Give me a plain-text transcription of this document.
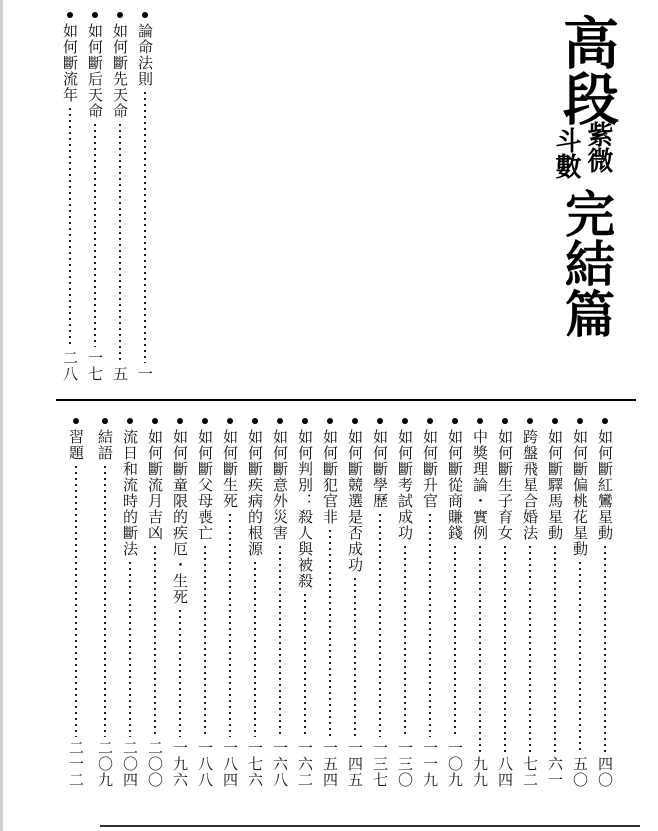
高段
紫微
斗數
完結篇
論命法則
一
如何斷先天命
五
如何斷后天命
一七
如何斷流年
二八
如何斷紅鸞星動
四〇
如何斷偏桃花星動
五〇
如何斷驛馬星動
六一
跨盤飛星合婚法
七二
如何斷生子育女
八四
中獎理論・實例
九九
如何斷從商賺錢
一〇九
如何斷升官
一一九
如何斷考試成功
一三〇
如何斷學歷
一三七
如何斷競選是否成功
一四五
如何斷犯官非
一五四
如何判別：殺人與被殺
一六二
如何斷意外災害
一六八
如何斷疾病的根源
一七六
如何斷生死
一八四
如何斷父母喪亡
一八八
如何斷童限的疾厄・生死
一九六
如何斷流月吉凶
二〇〇
流日和流時的斷法
二〇四
結語
二〇九
習題
二一二
